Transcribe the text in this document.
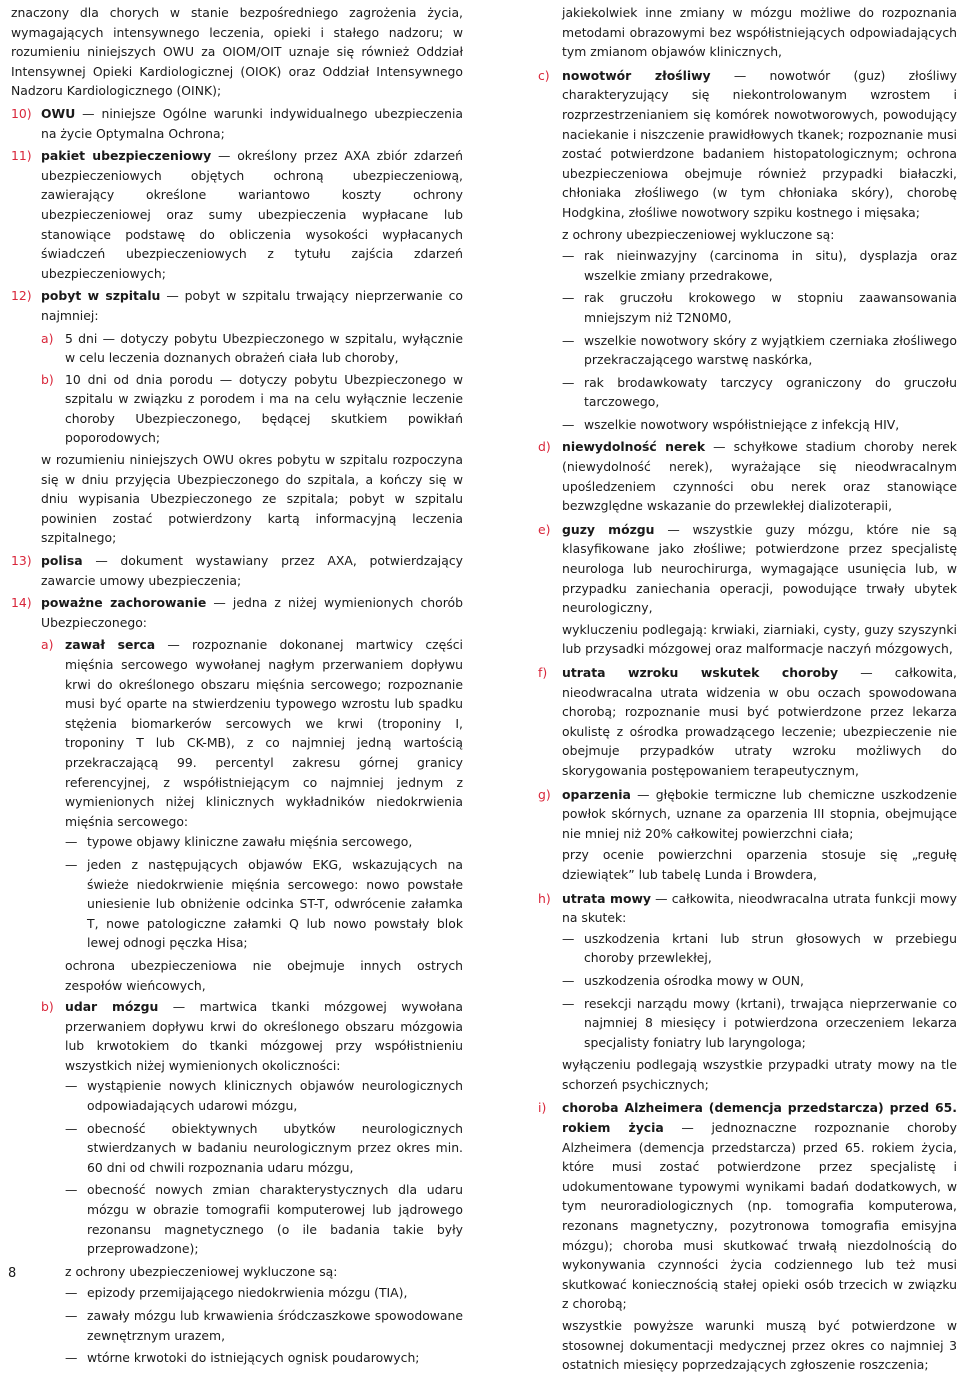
znaczony dla chorych w stanie bezpośredniego zagrożenia życia, wymagających intensywnego leczenia, opieki i stałego nadzoru; w rozumieniu niniejszych OWU za OIOM/OIT uznaje się również Oddział Intensywnej Opieki Kardiologicznej (OIOK) oraz Oddział Intensywnego Nadzoru Kardiologicznego (OINK);
10) OWU — niniejsze Ogólne warunki indywidualnego ubezpieczenia na życie Optymalna Ochrona;
11) pakiet ubezpieczeniowy — określony przez AXA zbiór zdarzeń ubezpieczeniowych objętych ochroną ubezpieczeniową, zawierający określone wariantowo koszty ochrony ubezpieczeniowej oraz sumy ubezpieczenia wypłacane lub stanowiące podstawę do obliczenia wysokości wypłacanych świadczeń ubezpieczeniowych z tytułu zajścia zdarzeń ubezpieczeniowych;
12) pobyt w szpitalu — pobyt w szpitalu trwający nieprzerwanie co najmniej:
a) 5 dni — dotyczy pobytu Ubezpieczonego w szpitalu, wyłącznie w celu leczenia doznanych obrażeń ciała lub choroby,
b) 10 dni od dnia porodu — dotyczy pobytu Ubezpieczonego w szpitalu w związku z porodem i ma na celu wyłącznie leczenie choroby Ubezpieczonego, będącej skutkiem powikłań poporodowych;
w rozumieniu niniejszych OWU okres pobytu w szpitalu rozpoczyna się w dniu przyjęcia Ubezpieczonego do szpitala, a kończy się w dniu wypisania Ubezpieczonego ze szpitala; pobyt w szpitalu powinien zostać potwierdzony kartą informacyjną leczenia szpitalnego;
13) polisa — dokument wystawiany przez AXA, potwierdzający zawarcie umowy ubezpieczenia;
14) poważne zachorowanie — jedna z niżej wymienionych chorób Ubezpieczonego:
a) zawał serca — rozpoznanie dokonanej martwicy części mięśnia sercowego wywołanej nagłym przerwaniem dopływu krwi do określonego obszaru mięśnia sercowego; rozpoznanie musi być oparte na stwierdzeniu typowego wzrostu lub spadku stężenia biomarkerów sercowych we krwi (troponiny I, troponiny T lub CK-MB), z co najmniej jedną wartością przekraczającą 99. percentyl zakresu górnej granicy referencyjnej, z współistniejącym co najmniej jednym z wymienionych niżej klinicznych wykładników niedokrwienia mięśnia sercowego:
— typowe objawy kliniczne zawału mięśnia sercowego,
— jeden z następujących objawów EKG, wskazujących na świeże niedokrwienie mięśnia sercowego: nowo powstałe uniesienie lub obniżenie odcinka ST-T, odwrócenie załamka T, nowe patologiczne załamki Q lub nowo powstały blok lewej odnogi pęczka Hisa;
ochrona ubezpieczeniowa nie obejmuje innych ostrych zespołów wieńcowych,
b) udar mózgu — martwica tkanki mózgowej wywołana przerwaniem dopływu krwi do określonego obszaru mózgowia lub krwotokiem do tkanki mózgowej przy współistnieniu wszystkich niżej wymienionych okoliczności:
— wystąpienie nowych klinicznych objawów neurologicznych odpowiadających udarowi mózgu,
— obecność obiektywnych ubytków neurologicznych stwierdzanych w badaniu neurologicznym przez okres min. 60 dni od chwili rozpoznania udaru mózgu,
— obecność nowych zmian charakterystycznych dla udaru mózgu w obrazie tomografii komputerowej lub jądrowego rezonansu magnetycznego (o ile badania takie były przeprowadzone);
z ochrony ubezpieczeniowej wykluczone są:
— epizody przemijającego niedokrwienia mózgu (TIA),
— zawały mózgu lub krwawienia śródczaszkowe spowodowane zewnętrznym urazem,
— wtórne krwotoki do istniejących ognisk poudarowych;
jakiekolwiek inne zmiany w mózgu możliwe do rozpoznania metodami obrazowymi bez współistniejących odpowiadających tym zmianom objawów klinicznych,
c) nowotwór złośliwy — nowotwór (guz) złośliwy charakteryzujący się niekontrolowanym wzrostem i rozprzestrzenianiem się komórek nowotworowych, powodujący naciekanie i niszczenie prawidłowych tkanek; rozpoznanie musi zostać potwierdzone badaniem histopatologicznym; ochrona ubezpieczeniowa obejmuje również przypadki białaczki, chłoniaka złośliwego (w tym chłoniaka skóry), chorobę Hodgkina, złośliwe nowotwory szpiku kostnego i mięsaka;
z ochrony ubezpieczeniowej wykluczone są:
— rak nieinwazyjny (carcinoma in situ), dysplazja oraz wszelkie zmiany przedrakowe,
— rak gruczołu krokowego w stopniu zaawansowania mniejszym niż T2N0M0,
— wszelkie nowotwory skóry z wyjątkiem czerniaka złośliwego przekraczającego warstwę naskórka,
— rak brodawkowaty tarczycy ograniczony do gruczołu tarczowego,
— wszelkie nowotwory współistniejące z infekcją HIV,
d) niewydolność nerek — schyłkowe stadium choroby nerek (niewydolność nerek), wyrażające się nieodwracalnym upośledzeniem czynności obu nerek oraz stanowiące bezwzględne wskazanie do przewlekłej dializoterapii,
e) guzy mózgu — wszystkie guzy mózgu, które nie są klasyfikowane jako złośliwe; potwierdzone przez specjalistę neurologa lub neurochirurga, wymagające usunięcia lub, w przypadku zaniechania operacji, powodujące trwały ubytek neurologiczny,
wykluczeniu podlegają: krwiaki, ziarniaki, cysty, guzy szyszynki lub przysadki mózgowej oraz malformacje naczyń mózgowych,
f) utrata wzroku wskutek choroby — całkowita, nieodwracalna utrata widzenia w obu oczach spowodowana chorobą; rozpoznanie musi być potwierdzone przez lekarza okulistę z ośrodka prowadzącego leczenie; ubezpieczenie nie obejmuje przypadków utraty wzroku możliwych do skorygowania postępowaniem terapeutycznym,
g) oparzenia — głębokie termiczne lub chemiczne uszkodzenie powłok skórnych, uznane za oparzenia III stopnia, obejmujące nie mniej niż 20% całkowitej powierzchni ciała;
przy ocenie powierzchni oparzenia stosuje się „regułę dziewiątek” lub tabelę Lunda i Browdera,
h) utrata mowy — całkowita, nieodwracalna utrata funkcji mowy na skutek:
— uszkodzenia krtani lub strun głosowych w przebiegu choroby przewlekłej,
— uszkodzenia ośrodka mowy w OUN,
— resekcji narządu mowy (krtani), trwająca nieprzerwanie co najmniej 8 miesięcy i potwierdzona orzeczeniem lekarza specjalisty foniatry lub laryngologa;
wyłączeniu podlegają wszystkie przypadki utraty mowy na tle schorzeń psychicznych;
i) choroba Alzheimera (demencja przedstarcza) przed 65. rokiem życia — jednoznaczne rozpoznanie choroby Alzheimera (demencja przedstarcza) przed 65. rokiem życia, które musi zostać potwierdzone przez specjalistę i udokumentowane typowymi wynikami badań dodatkowych, w tym neuroradiologicznych (np. tomografia komputerowa, rezonans magnetyczny, pozytronowa tomografia emisyjna mózgu); choroba musi skutkować trwałą niezdolnością do wykonywania czynności życia codziennego lub też musi skutkować koniecznością stałej opieki osób trzecich w związku z chorobą;
wszystkie powyższe warunki muszą być potwierdzone w stosownej dokumentacji medycznej przez okres co najmniej 3 ostatnich miesięcy poprzedzających zgłoszenie roszczenia;
8
